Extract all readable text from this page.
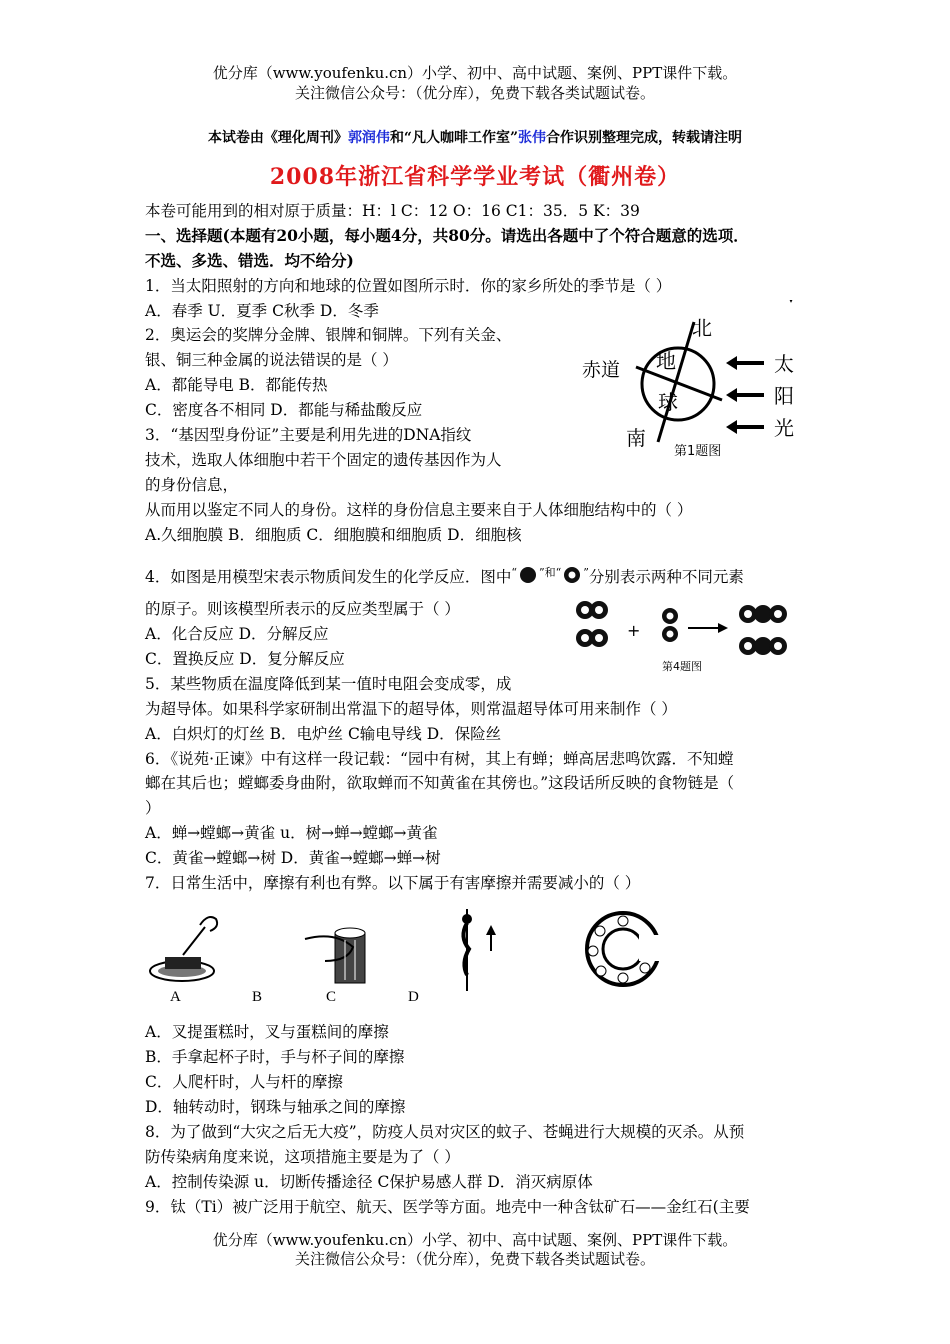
优分库（www.youfenku.cn）小学、初中、高中试题、案例、PPT课件下载。
关注微信公众号：（优分库），免费下载各类试题试卷。
本试卷由《理化周刊》郭润伟和“凡人咖啡工作室”张伟合作识别整理完成，转载请注明
2008年浙江省科学学业考试（衢州卷）
本卷可能用到的相对原于质量：H：l C：12 O：16 C1：35．5 K：39
一、选择题(本题有20小题，每小题4分，共80分。请选出各题中了个符合题意的选项．
不选、多选、错选．均不给分)
1．当太阳照射的方向和地球的位置如图所示时．你的家乡所处的季节是（ ）
A．春季 U．夏季 C秋季 D．冬季
2．奥运会的奖牌分金牌、银牌和铜牌。下列有关金、
银、铜三种金属的说法错误的是（ ）
A．都能导电 B．都能传热
C．密度各不相同 D．都能与稀盐酸反应
3．“基因型身份证”主要是利用先进的DNA指纹
技术，选取人体细胞中若干个固定的遗传基因作为人
的身份信息，
从而用以鉴定不同人的身份。这样的身份信息主要来自于人体细胞结构中的（ ）
A.久细胞膜 B．细胞质 C．细胞膜和细胞质 D．细胞核
▾
北
南
赤道 地
球
太
阳
光
第1题图
4．如图是用模型宋表示物质间发生的化学反应．图中“ $^{”和“}$ ”分别表示两种不同元素
的原子。则该模型所表示的反应类型属于（ ）
A．化合反应 D．分解反应
C．置换反应 D．复分解反应
+
第4题图
5．某些物质在温度降低到某一值时电阻会变成零，成
为超导体。如果科学家研制出常温下的超导体，则常温超导体可用来制作（ ）
A．白炽灯的灯丝 B．电炉丝 C输电导线 D．保险丝
6．《说苑·正谏》中有这样一段记载：“园中有树，其上有蝉；蝉高居悲鸣饮露．不知螳
螂在其后也；螳螂委身曲附，欲取蝉而不知黄雀在其傍也。”这段话所反映的食物链是（
）
A．蝉→螳螂→黄雀 u．树→蝉→螳螂→黄雀
C．黄雀→螳螂→树 D．黄雀→螳螂→蝉→树
7．日常生活中，摩擦有利也有弊。以下属于有害摩擦并需要减小的（ ）
A	B	C	D
A．叉提蛋糕时，叉与蛋糕间的摩擦
B．手拿起杯子时，手与杯子间的摩擦
C．人爬杆时，人与杆的摩擦
D．轴转动时，钢珠与轴承之间的摩擦
8．为了做到“大灾之后无大疫”，防疫人员对灾区的蚊子、苍蝇进行大规模的灭杀。从预
防传染病角度来说，这项措施主要是为了（ ）
A．控制传染源 u．切断传播途径 C保护易感人群 D．消灭病原体
9．钛（Ti）被广泛用于航空、航天、医学等方面。地壳中一种含钛矿石——金红石(主要
优分库（www.youfenku.cn）小学、初中、高中试题、案例、PPT课件下载。
关注微信公众号：（优分库），免费下载各类试题试卷。
